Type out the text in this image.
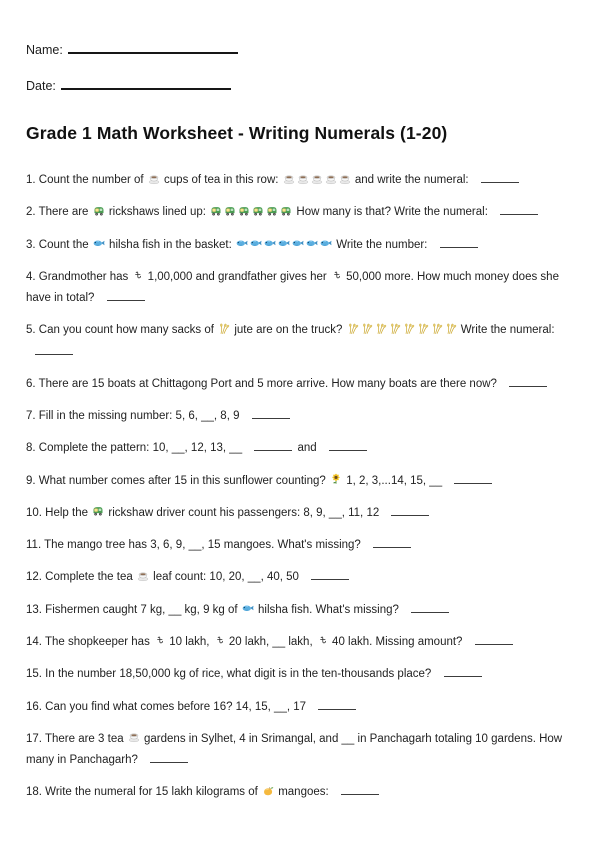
Name:
Date:
Grade 1 Math Worksheet - Writing Numerals (1-20)

1. Count the number of
cups of tea in this row:	and write the numeral:

2. There are
rickshaws lined up:	How many is that? Write the numeral:

3. Count the
hilsha fish in the basket:	Write the number:

4. Grandmother has
1,00,000 and grandfather gives her
50,000 more. How much money does she have in total?

5. Can you count how many sacks of
jute are on the truck?	Write the numeral:

6. There are 15 boats at Chittagong Port and 5 more arrive. How many boats are there now?

7. Fill in the missing number: 5, 6, __, 8, 9

8. Complete the pattern: 10, __, 12, 13, __	and

9. What number comes after 15 in this sunflower counting?
1, 2, 3,...14, 15, __

10. Help the
rickshaw driver count his passengers: 8, 9, __, 11, 12

11. The mango tree has 3, 6, 9, __, 15 mangoes. What's missing?

12. Complete the tea
leaf count: 10, 20, __, 40, 50

13. Fishermen caught 7 kg, __ kg, 9 kg of
hilsha fish. What's missing?

14. The shopkeeper has
10 lakh,
20 lakh, __ lakh,
40 lakh. Missing amount?

15. In the number 18,50,000 kg of rice, what digit is in the ten-thousands place?

16. Can you find what comes before 16? 14, 15, __, 17

17. There are 3 tea
gardens in Sylhet, 4 in Srimangal, and __ in Panchagarh totaling 10 gardens. How many in Panchagarh?

18. Write the numeral for 15 lakh kilograms of
mangoes:
